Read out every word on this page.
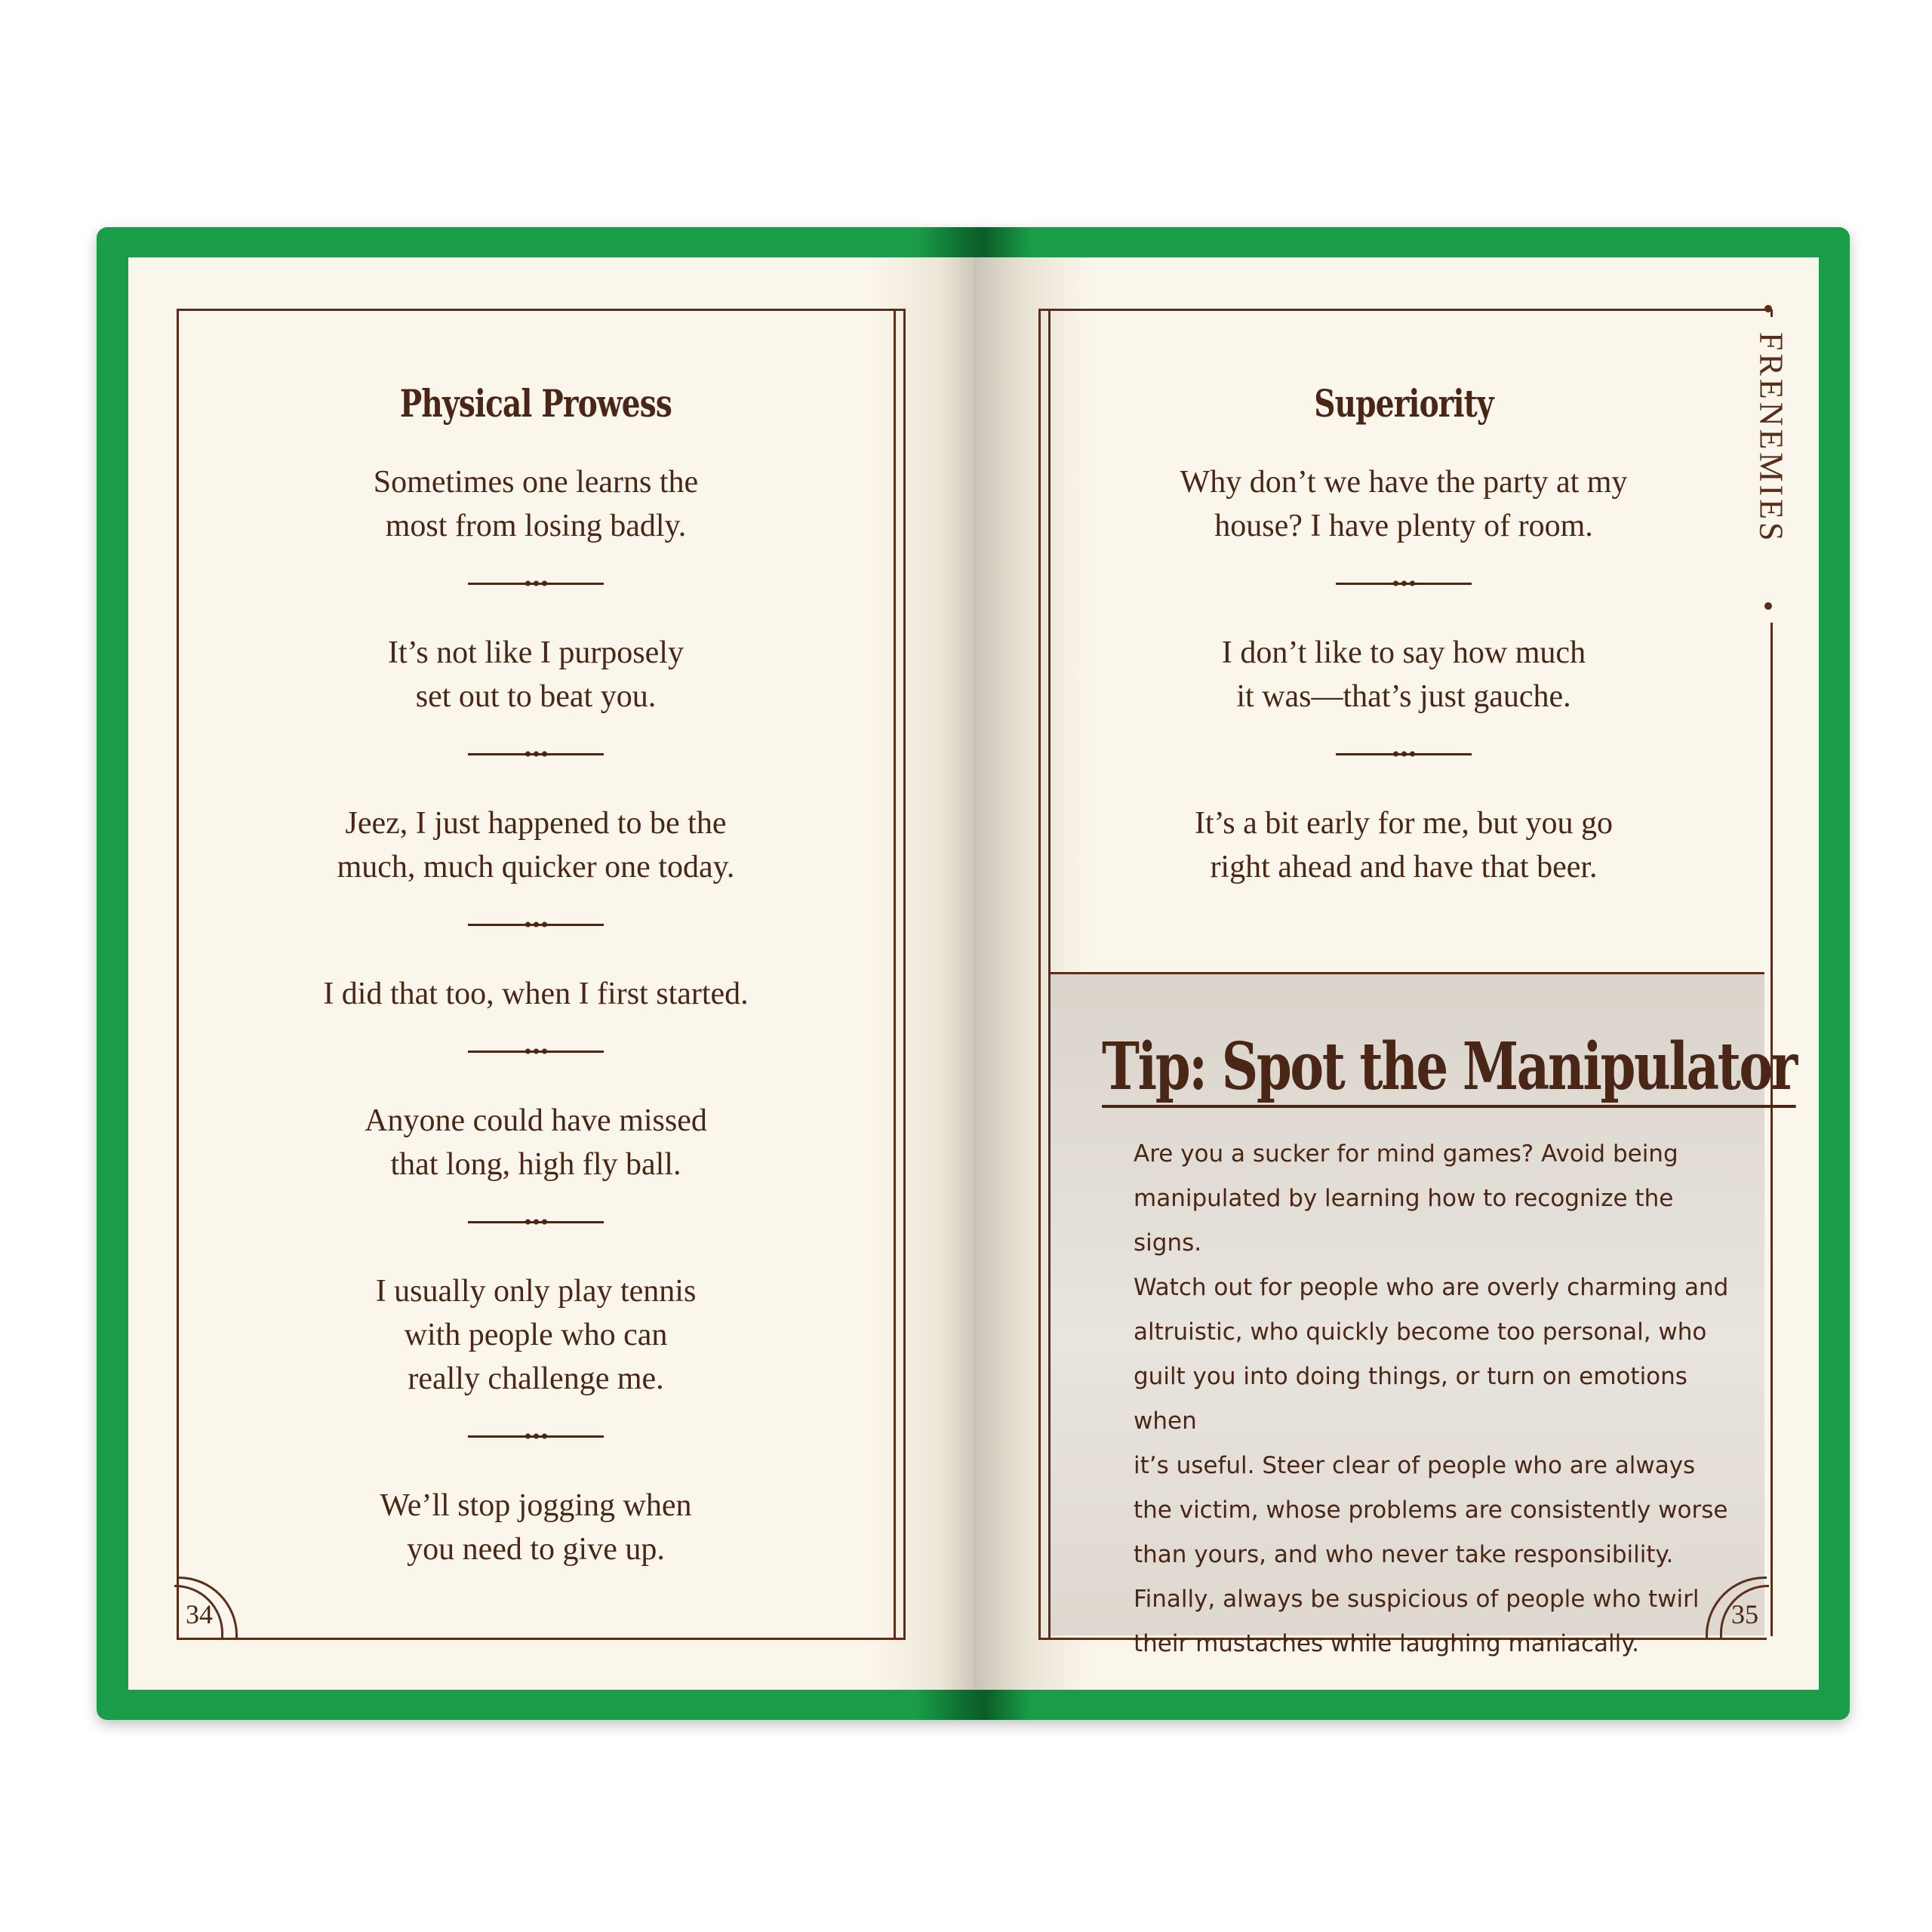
FRENEMIES
Physical Prowess

Sometimes one learns the
most from losing badly.

It’s not like I purposely
set out to beat you.

Jeez, I just happened to be the
much, much quicker one today.

I did that too, when I first started.

Anyone could have missed
that long, high fly ball.

I usually only play tennis
with people who can
really challenge me.

We’ll stop jogging when
you need to give up.

34
Superiority

Why don’t we have the party at my
house? I have plenty of room.

I don’t like to say how much
it was—that’s just gauche.

It’s a bit early for me, but you go
right ahead and have that beer.

Tip: Spot the Manipulator
Are you a sucker for mind games? Avoid being
manipulated by learning how to recognize the signs.
Watch out for people who are overly charming and
altruistic, who quickly become too personal, who
guilt you into doing things, or turn on emotions when
it’s useful. Steer clear of people who are always
the victim, whose problems are consistently worse
than yours, and who never take responsibility.
Finally, always be suspicious of people who twirl
their mustaches while laughing maniacally.
35
